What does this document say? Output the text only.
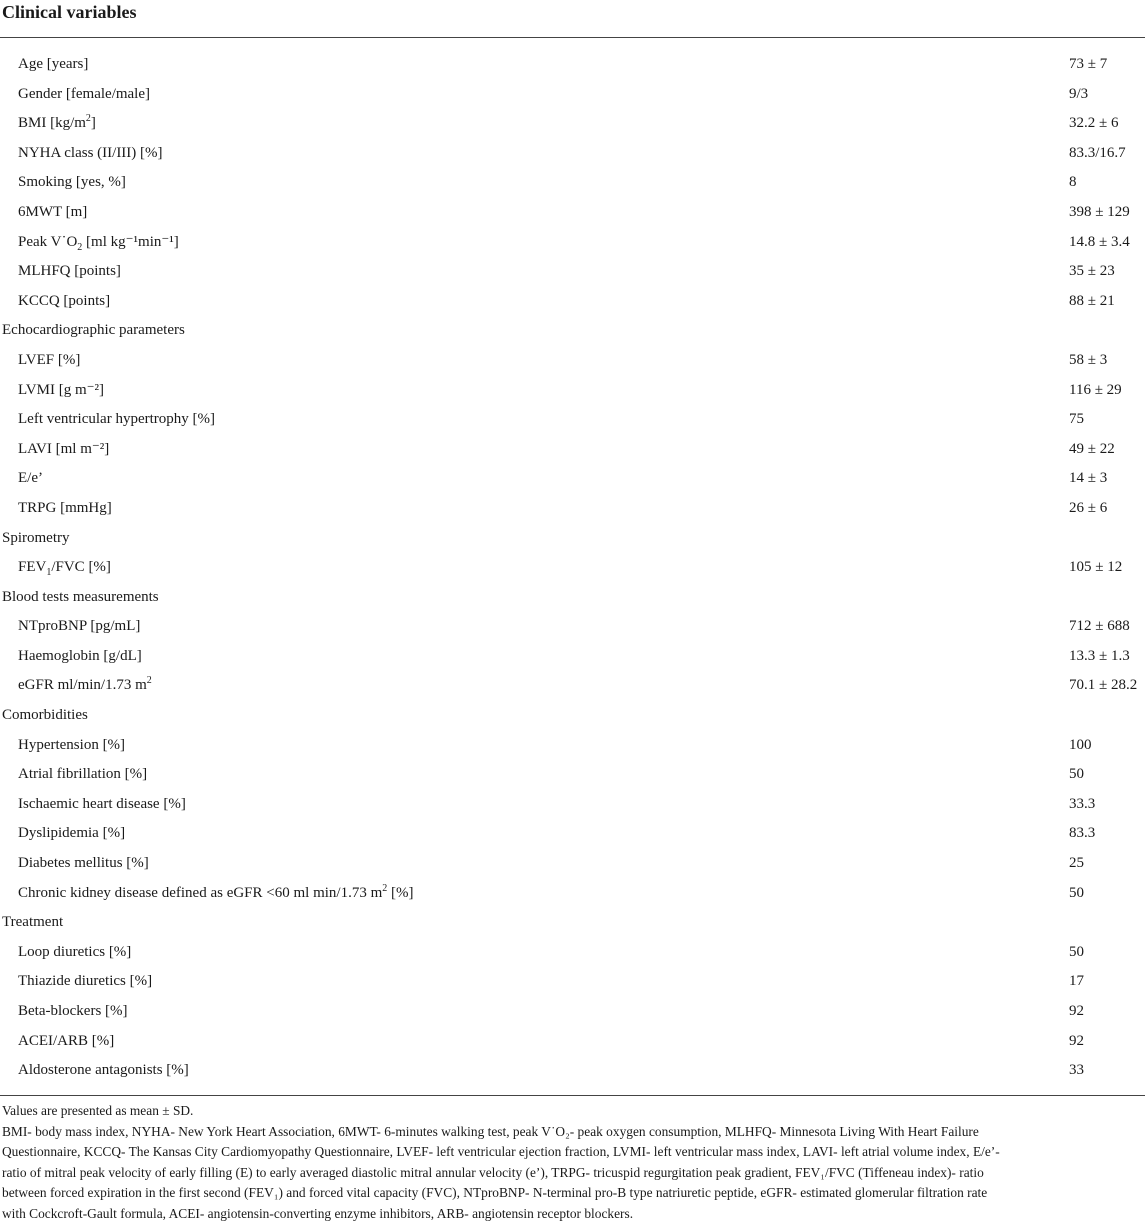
Clinical variables
Age [years]	73 ± 7
Gender [female/male]	9/3
BMI $[kg/m^2]$	32.2 ± 6
NYHA class (II/III) [%]	83.3/16.7
Smoking [yes, %]	8
6MWT [m]	398 ± 129
Peak $V˙O_2$ [ml kg⁻¹min⁻¹]	14.8 ± 3.4
MLHFQ [points]	35 ± 23
KCCQ [points]	88 ± 21
Echocardiographic parameters
LVEF [%]	58 ± 3
LVMI [g m⁻²]	116 ± 29
Left ventricular hypertrophy [%]	75
LAVI [ml m⁻²]	49 ± 22
E/e’	14 ± 3
TRPG [mmHg]	26 ± 6
Spirometry
$FEV_1$/FVC [%]	105 ± 12
Blood tests measurements
NTproBNP [pg/mL]	712 ± 688
Haemoglobin [g/dL]	13.3 ± 1.3
eGFR ml/min/1.73 $m^2$	70.1 ± 28.2
Comorbidities
Hypertension [%]	100
Atrial fibrillation [%]	50
Ischaemic heart disease [%]	33.3
Dyslipidemia [%]	83.3
Diabetes mellitus [%]	25
Chronic kidney disease defined as eGFR <60 ml min/1.73 $m^2$ [%]	50
Treatment
Loop diuretics [%]	50
Thiazide diuretics [%]	17
Beta-blockers [%]	92
ACEI/ARB [%]	92
Aldosterone antagonists [%]	33
Values are presented as mean ± SD.
BMI- body mass index, NYHA- New York Heart Association, 6MWT- 6-minutes walking test, peak V˙O₂- peak oxygen consumption, MLHFQ- Minnesota Living With Heart Failure
Questionnaire, KCCQ- The Kansas City Cardiomyopathy Questionnaire, LVEF- left ventricular ejection fraction, LVMI- left ventricular mass index, LAVI- left atrial volume index, E/e’-
ratio of mitral peak velocity of early filling (E) to early averaged diastolic mitral annular velocity (e’), TRPG- tricuspid regurgitation peak gradient, FEV₁/FVC (Tiffeneau index)- ratio
between forced expiration in the first second (FEV₁) and forced vital capacity (FVC), NTproBNP- N-terminal pro-B type natriuretic peptide, eGFR- estimated glomerular filtration rate
with Cockcroft-Gault formula, ACEI- angiotensin-converting enzyme inhibitors, ARB- angiotensin receptor blockers.
